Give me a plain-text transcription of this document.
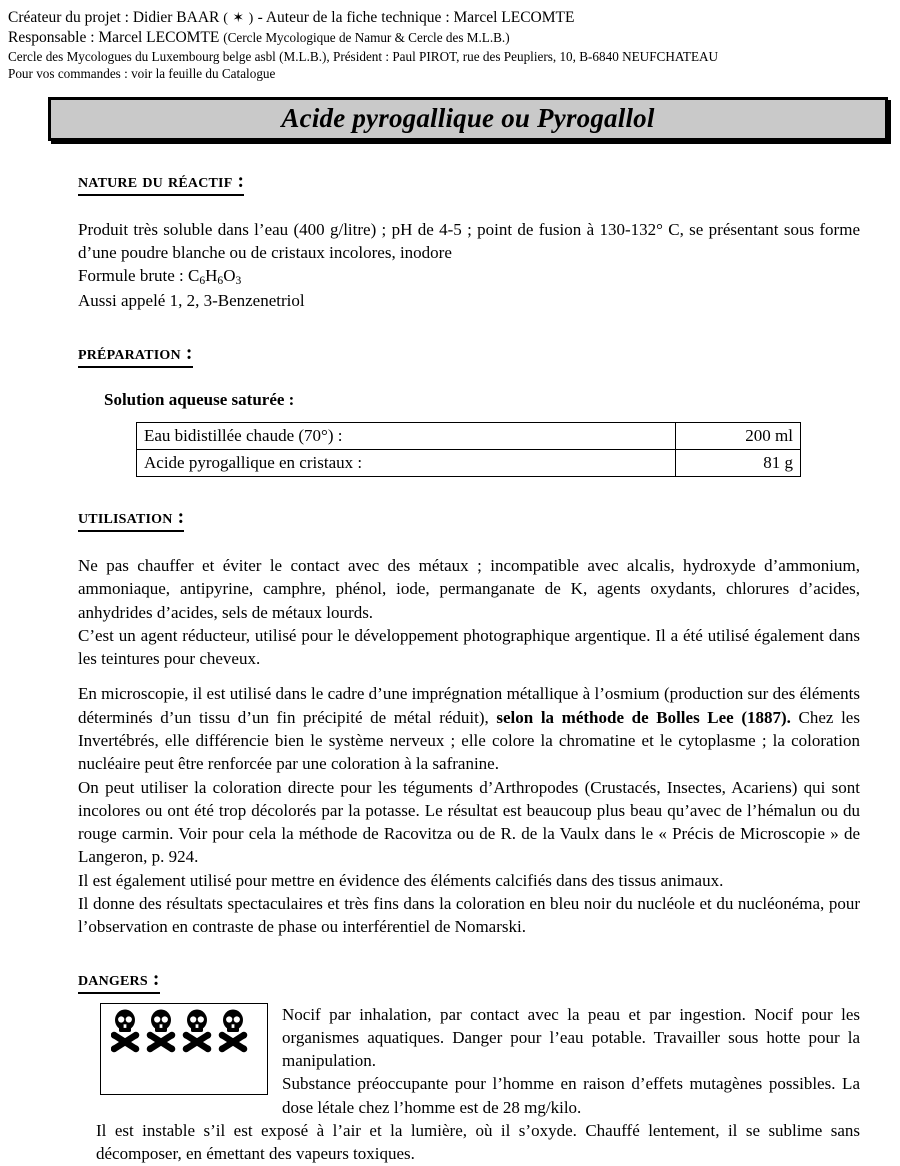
Créateur du projet : Didier BAAR ( ✶ ) - Auteur de la fiche technique : Marcel LECOMTE
Responsable : Marcel LECOMTE (Cercle Mycologique de Namur & Cercle des M.L.B.)
Cercle des Mycologues du Luxembourg belge asbl (M.L.B.), Président : Paul PIROT, rue des Peupliers, 10, B-6840 NEUFCHATEAU
Pour vos commandes : voir la feuille du Catalogue
Acide pyrogallique ou Pyrogallol
nature du réactif :

Produit très soluble dans l’eau (400 g/litre) ; pH de 4-5 ; point de fusion à 130-132° C, se présentant sous forme d’une poudre blanche ou de cristaux incolores, inodore

Formule brute : $C_6H_6O_3$

Aussi appelé 1, 2, 3-Benzenetriol

préparation :
Solution aqueuse saturée :
Eau bidistillée chaude (70°) :	200 ml
Acide pyrogallique en cristaux :	81 g
utilisation :

Ne pas chauffer et éviter le contact avec des métaux ; incompatible avec alcalis, hydroxyde d’ammonium, ammoniaque, antipyrine, camphre, phénol, iode, permanganate de K, agents oxydants, chlorures d’acides, anhydrides d’acides, sels de métaux lourds.

C’est un agent réducteur, utilisé pour le développement photographique argentique. Il a été utilisé également dans les teintures pour cheveux.

En microscopie, il est utilisé dans le cadre d’une imprégnation métallique à l’osmium (production sur des éléments déterminés d’un tissu d’un fin précipité de métal réduit), selon la méthode de Bolles Lee (1887). Chez les Invertébrés, elle différencie bien le système nerveux ; elle colore la chromatine et le cytoplasme ; la coloration nucléaire peut être renforcée par une coloration à la safranine.

On peut utiliser la coloration directe pour les téguments d’Arthropodes (Crustacés, Insectes, Acariens) qui sont incolores ou ont été trop décolorés par la potasse. Le résultat est beaucoup plus beau qu’avec de l’hémalun ou du rouge carmin. Voir pour cela la méthode de Racovitza ou de R. de la Vaulx dans le « Précis de Microscopie » de Langeron, p. 924.

Il est également utilisé pour mettre en évidence des éléments calcifiés dans des tissus animaux.

Il donne des résultats spectaculaires et très fins dans la coloration en bleu noir du nucléole et du nucléonéma, pour l’observation en contraste de phase ou interférentiel de Nomarski.

dangers :

Nocif par inhalation, par contact avec la peau et par ingestion. Nocif pour les organismes aquatiques. Danger pour l’eau potable. Travailler sous hotte pour la manipulation.

Substance préoccupante pour l’homme en raison d’effets mutagènes possibles. La dose létale chez l’homme est de 28 mg/kilo.

Il est instable s’il est exposé à l’air et la lumière, où il s’oxyde. Chauffé lentement, il se sublime sans décomposer, en émettant des vapeurs toxiques.
